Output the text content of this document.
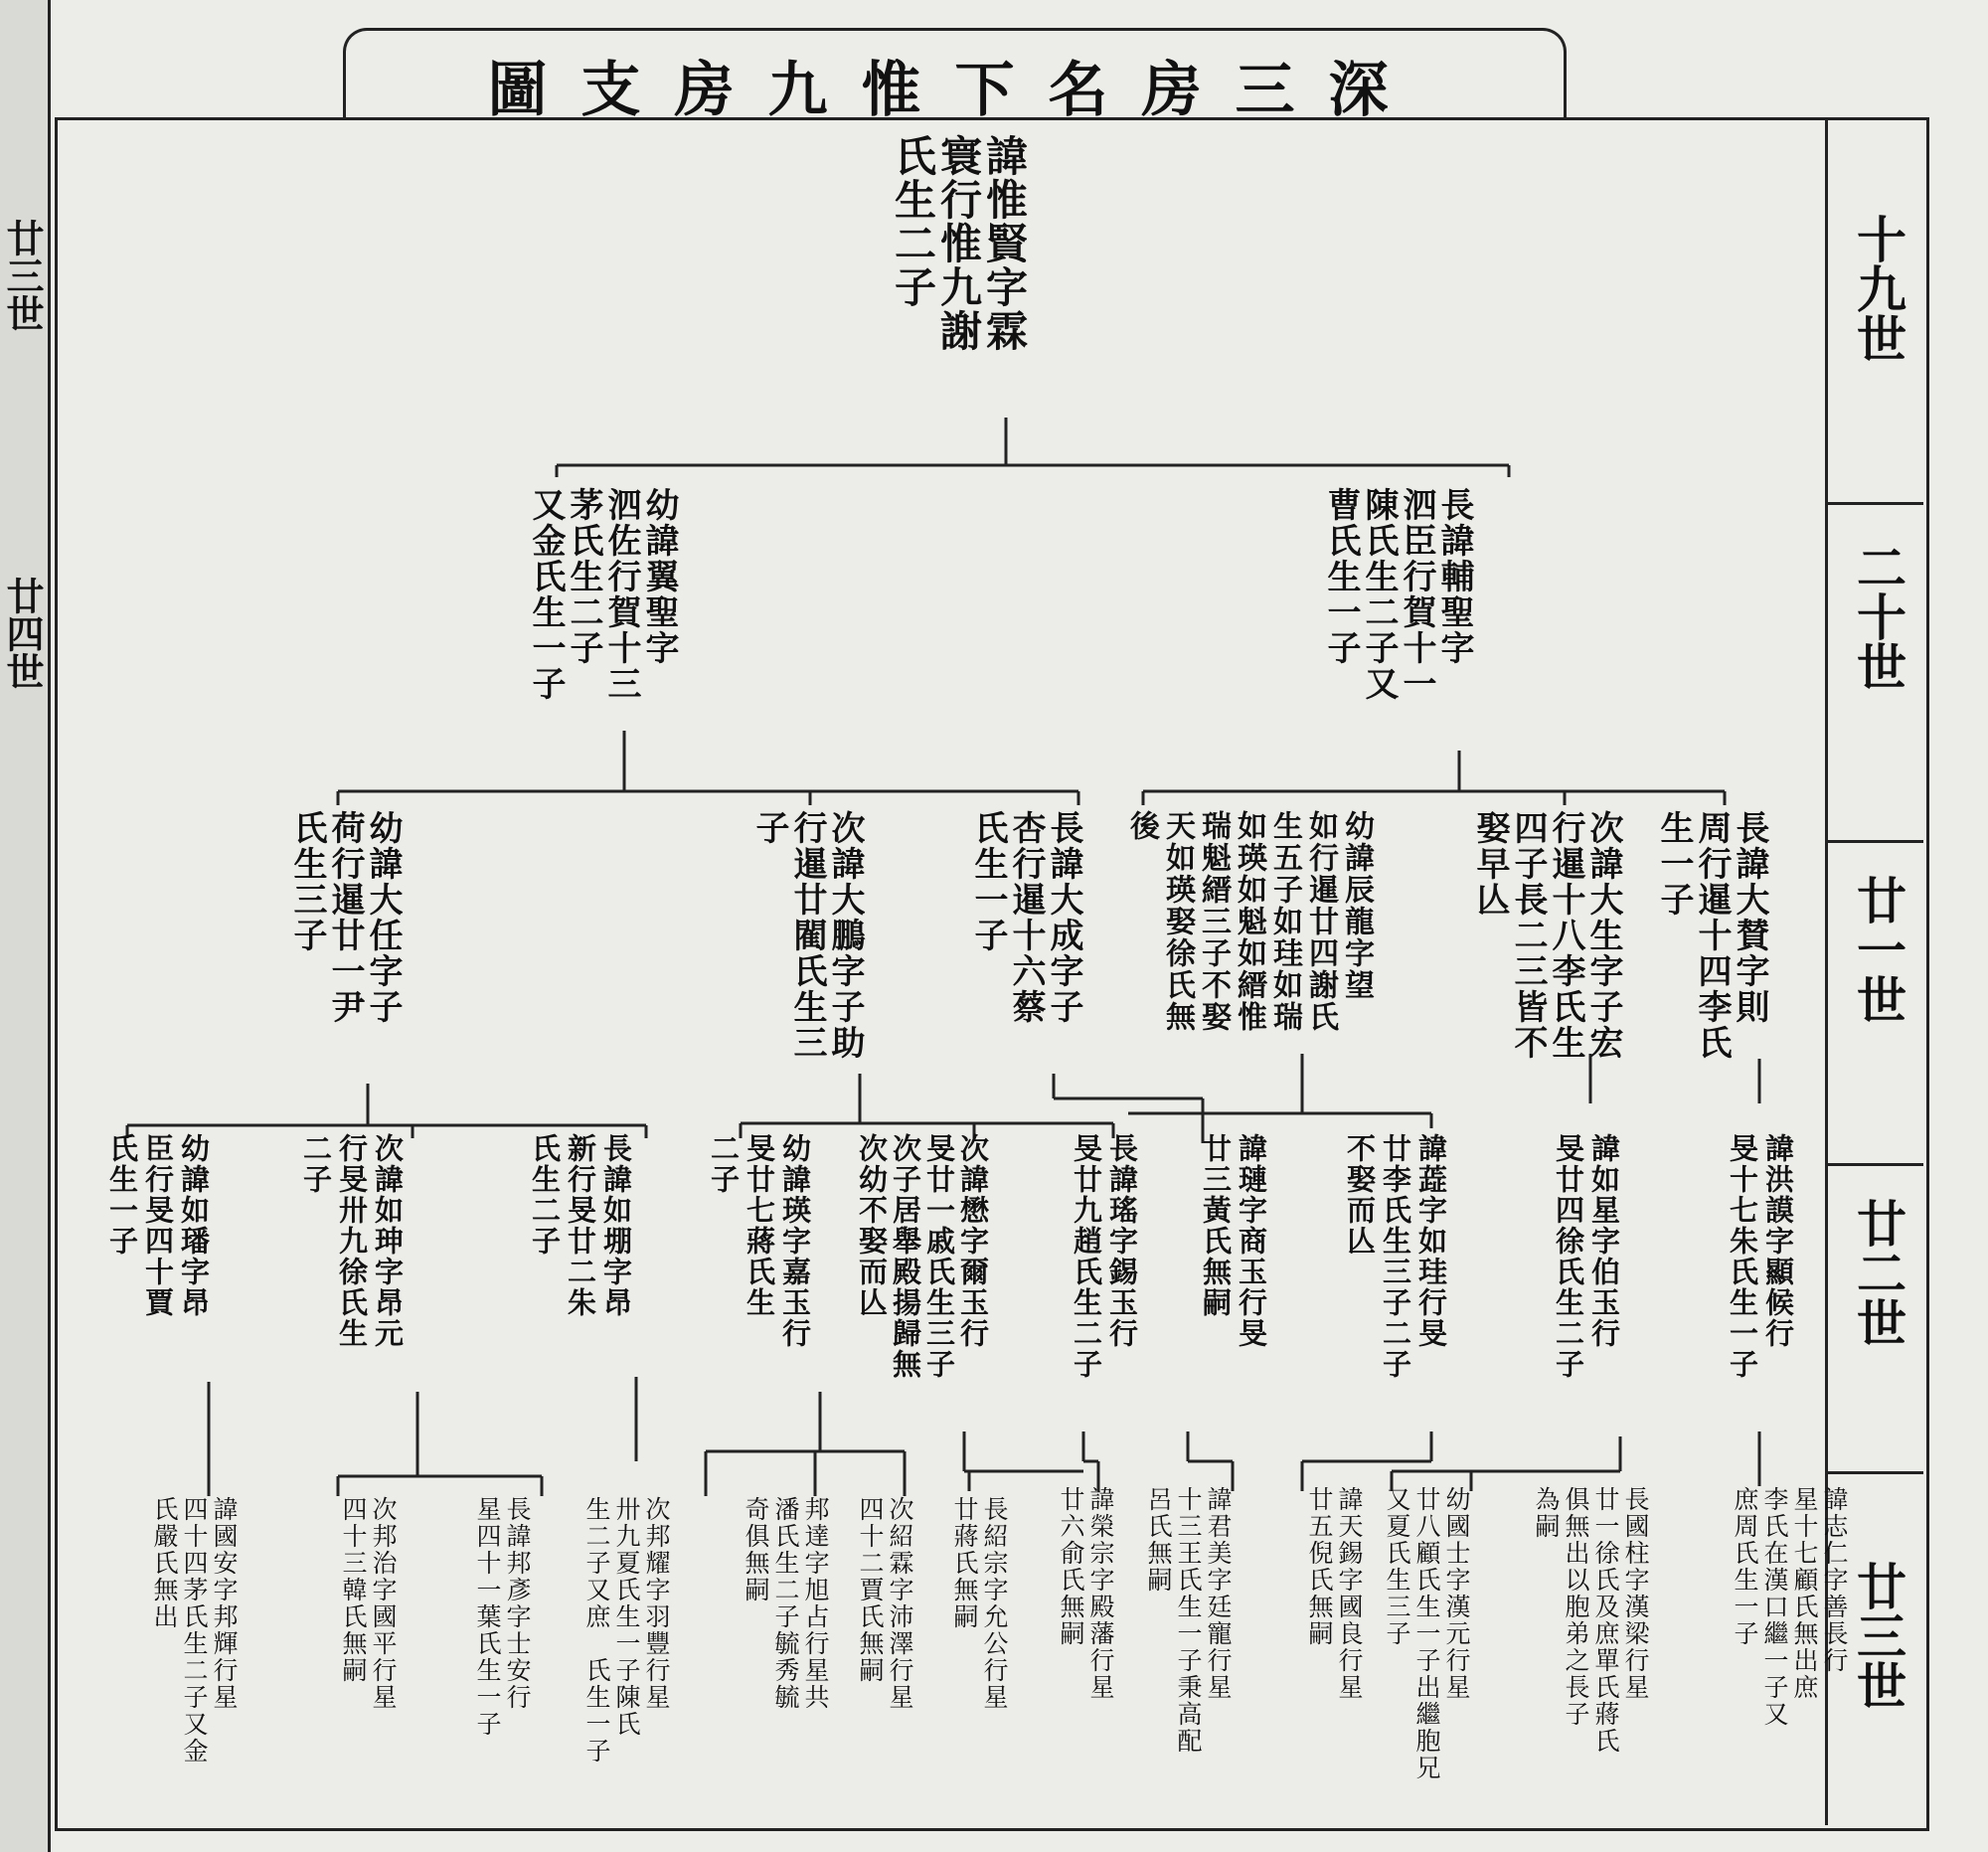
廿三世
廿四世
深三房名下惟九房支圖
十九世
二十世
廿一世
廿二世
廿三世
諱惟賢字霖
寰行惟九謝
氏生二子
長諱輔聖字
泗臣行賀十一
陳氏生二子又
曹氏生一子
幼諱翼聖字
泗佐行賀十三
茅氏生二子
又金氏生一子
長諱大賛字則
周行暹十四李氏
生一子
次諱大生字子宏
行暹十八李氏生
四子長二三皆不
娶早亾
幼諱辰龍字望
如行暹廿四謝氏
生五子如珪如瑞
如瑛如魁如縉惟
瑞魁縉三子不娶
天如瑛娶徐氏無
後
長諱大成字子
杏行暹十六蔡
氏生一子
次諱大鵬字子助
行暹廿閵氏生三
子
幼諱大任字子
荷行暹廿一尹
氏生三子
諱洪謨字顯候行
旻十七朱氏生一子
諱如星字伯玉行
旻廿四徐氏生二子
諱蕋字如珪行旻
廿李氏生三子二子
不娶而亾
諱璉字商玉行旻
廿三黃氏無嗣
長諱瑤字錫玉行
旻廿九趙氏生二子
次諱懋字爾玉行
旻廿一戚氏生三子
次子居舉殿揚歸無
次幼不娶而亾
幼諱瑛字嘉玉行
旻廿七蔣氏生
二子
長諱如堋字昂
新行旻廿二朱
氏生二子
次諱如珅字昂元
行旻卅九徐氏生
二子
幼諱如璠字昂
臣行旻四十賈
氏生一子
諱志仁字善長行
星十七顧氏無出庶
李氏在漢口繼一子又
庶周氏生一子
長國柱字漢梁行星
廿一徐氏及庶單氏蔣氏
俱無出以胞弟之長子
為嗣
幼國士字漢元行星
廿八顧氏生一子出繼胞兄
又夏氏生三子
諱天錫字國良行星
廿五倪氏無嗣
諱君美字廷寵行星
十三王氏生一子秉高配
呂氏無嗣
諱榮宗字殿藩行星
廿六俞氏無嗣
長紹宗字允公行星
廿蔣氏無嗣
次紹霖字沛澤行星
四十二賈氏無嗣
邦達字旭占行星共
潘氏生二子毓秀毓
奇俱無嗣
次邦耀字羽豐行星
卅九夏氏生一子陳氏
生二子又庶　氏生一子
長諱邦彥字士安行
星四十一葉氏生一子
次邦治字國平行星
四十三韓氏無嗣
諱國安字邦輝行星
四十四茅氏生二子又金
氏嚴氏無出
